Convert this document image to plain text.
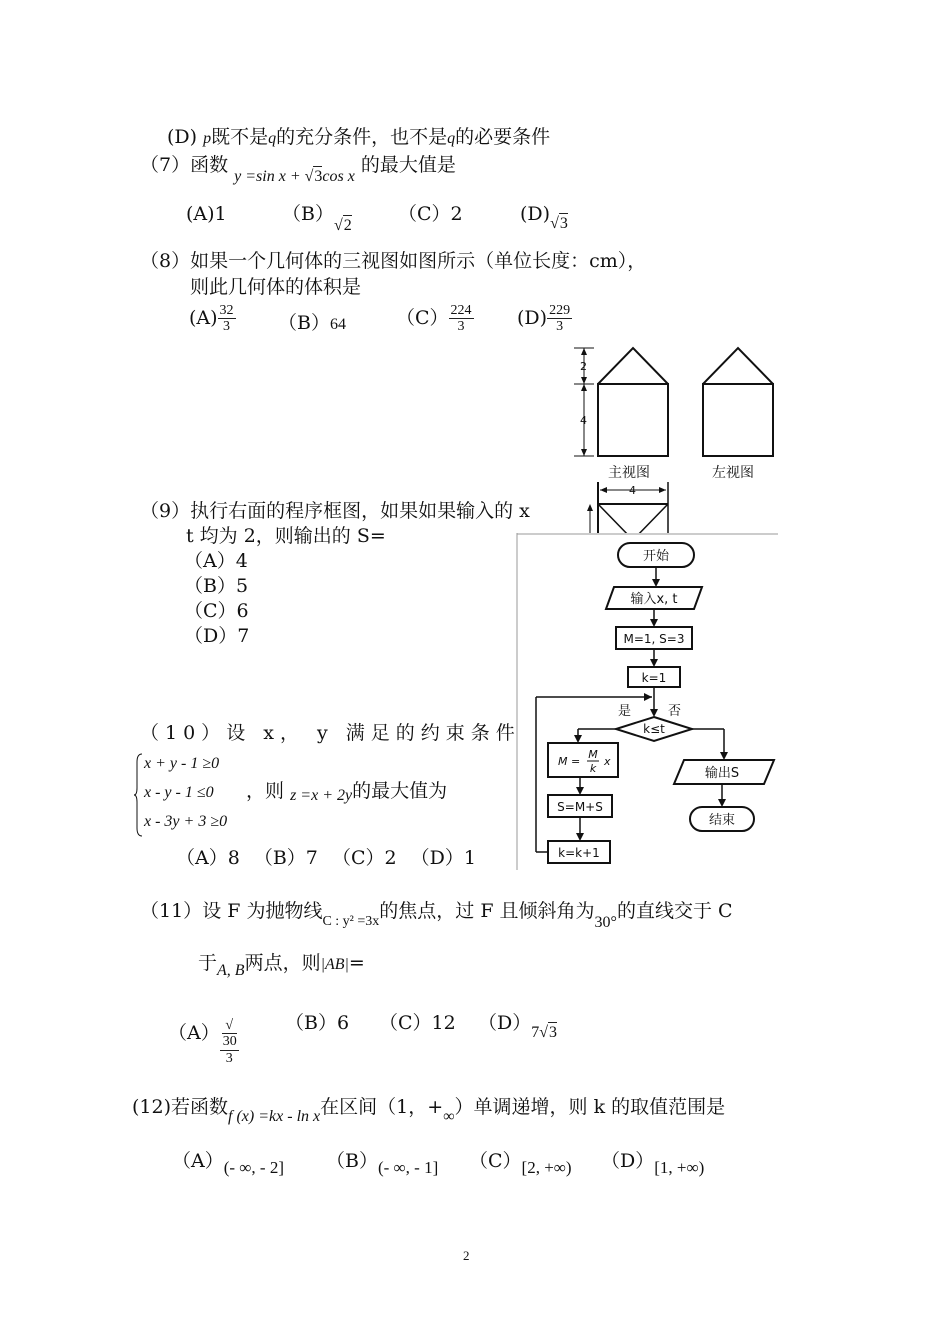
(D) p既不是q的充分条件，也不是q的必要条件
（7）函数 y =sin x + √3cos x 的最大值是
(A)1	$(B)_{√2}$
（C）2	$(D)_{√3}$
（8）如果一个几何体的三视图如图所示（单位长度：cm），
则此几何体的体积是
$(A) \frac{32}{3} (B)64$	$(C) \frac{224}{3} (D) \frac{229}{3}$
2
4
主视图	左视图
4
（9）执行右面的程序框图，如果如果输入的 x
t 均为 2，则输出的 S=
（A）4
（B）5
（C）6
（D）7
开始
输入x, t
M=1, S=3
k=1
是	否
k≤t
M =
M
k
x
S=M+S
k=k+1
输出S
结束
（10）设 x， y 满足的约束条件
x + y - 1 ≥0
x - y - 1 ≤0
x - 3y + 3 ≥0
，则 z =x + 2y的最大值为
（A）8 （B）7 （C）2 （D）1
（11）设 F 为抛物线$_{C : y^2 =3x}$的焦点，过 F 且倾斜角为$_{30^\circ}$的直线交于 C
于$_{A, B}$两点，则|AB|=
（A） √
30
3 （B）6 （C）12 $(D)_{7√3}$
(12)若函数$_{f (x) =kx - ln x}$在区间（1，$+_\infty$）单调递增，则 k 的取值范围是
（A）(- ∞, - 2] （B）(- ∞, - 1] （C）[2, +∞) （D）[1, +∞)
2
